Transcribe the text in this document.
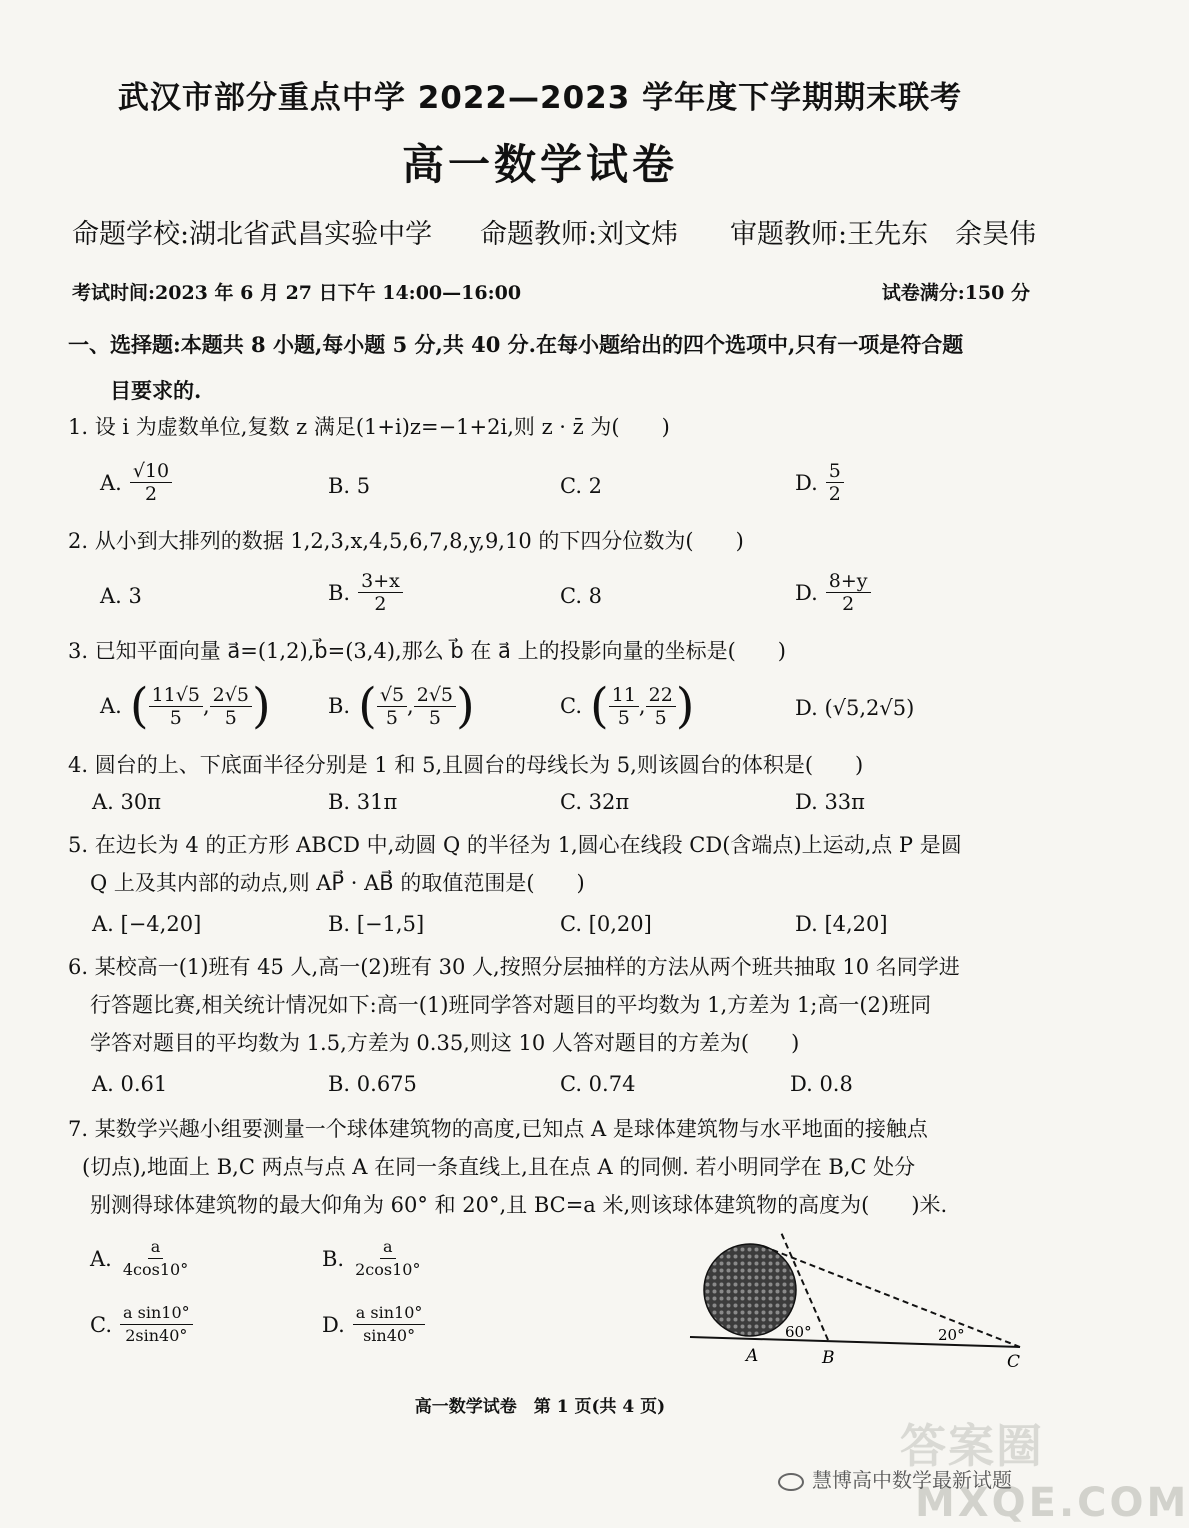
武汉市部分重点中学 2022—2023 学年度下学期期末联考
高一数学试卷
命题学校:湖北省武昌实验中学 命题教师:刘文炜 审题教师:王先东　余昊伟
考试时间:2023 年 6 月 27 日下午 14:00—16:00	试卷满分:150 分
一、选择题:本题共 8 小题,每小题 5 分,共 40 分.在每小题给出的四个选项中,只有一项是符合题
目要求的.
1. 设 i 为虚数单位,复数 z 满足(1+i)z=−1+2i,则 z · z̄ 为(　　)
A. $\frac{√10}{2}$	B. 5	C. 2	D. $\frac{5}{2}$
2. 从小到大排列的数据 1,2,3,x,4,5,6,7,8,y,9,10 的下四分位数为(　　)
A. 3	B. $\frac{3+x}{2}$	C. 8	D. $\frac{8+y}{2}$
3. 已知平面向量 a⃗=(1,2),b⃗=(3,4),那么 b⃗ 在 a⃗ 上的投影向量的坐标是(　　)
A. ( $\frac{11√5}{5}$ , $\frac{2√5}{5}$ )	B. ( $\frac{√5}{5}$ , $\frac{2√5}{5}$ )	C. ( $\frac{11}{5}$ , $\frac{22}{5}$ )	D. (√5,2√5)
4. 圆台的上、下底面半径分别是 1 和 5,且圆台的母线长为 5,则该圆台的体积是(　　)
A. 30π	B. 31π	C. 32π	D. 33π
5. 在边长为 4 的正方形 ABCD 中,动圆 Q 的半径为 1,圆心在线段 CD(含端点)上运动,点 P 是圆
Q 上及其内部的动点,则 AP⃗ · AB⃗ 的取值范围是(　　)
A. [−4,20]	B. [−1,5]	C. [0,20]	D. [4,20]
6. 某校高一(1)班有 45 人,高一(2)班有 30 人,按照分层抽样的方法从两个班共抽取 10 名同学进
行答题比赛,相关统计情况如下:高一(1)班同学答对题目的平均数为 1,方差为 1;高一(2)班同
学答对题目的平均数为 1.5,方差为 0.35,则这 10 人答对题目的方差为(　　)
A. 0.61	B. 0.675	C. 0.74	D. 0.8
7. 某数学兴趣小组要测量一个球体建筑物的高度,已知点 A 是球体建筑物与水平地面的接触点
(切点),地面上 B,C 两点与点 A 在同一条直线上,且在点 A 的同侧. 若小明同学在 B,C 处分
别测得球体建筑物的最大仰角为 60° 和 20°,且 BC=a 米,则该球体建筑物的高度为(　　)米.
A. $\frac{a}{4\cos 10^\circ}$	B. $\frac{a}{2\cos 10^\circ}$
C. $\frac{\text{a sin10°}}{2\sin 40^\circ}$	D. $\frac{\text{a sin10°}}{\sin 40^\circ}$	60°	20°
A	B	C
高一数学试卷　第 1 页(共 4 页)
答案圈
MXQE.COM
慧博高中数学最新试题
